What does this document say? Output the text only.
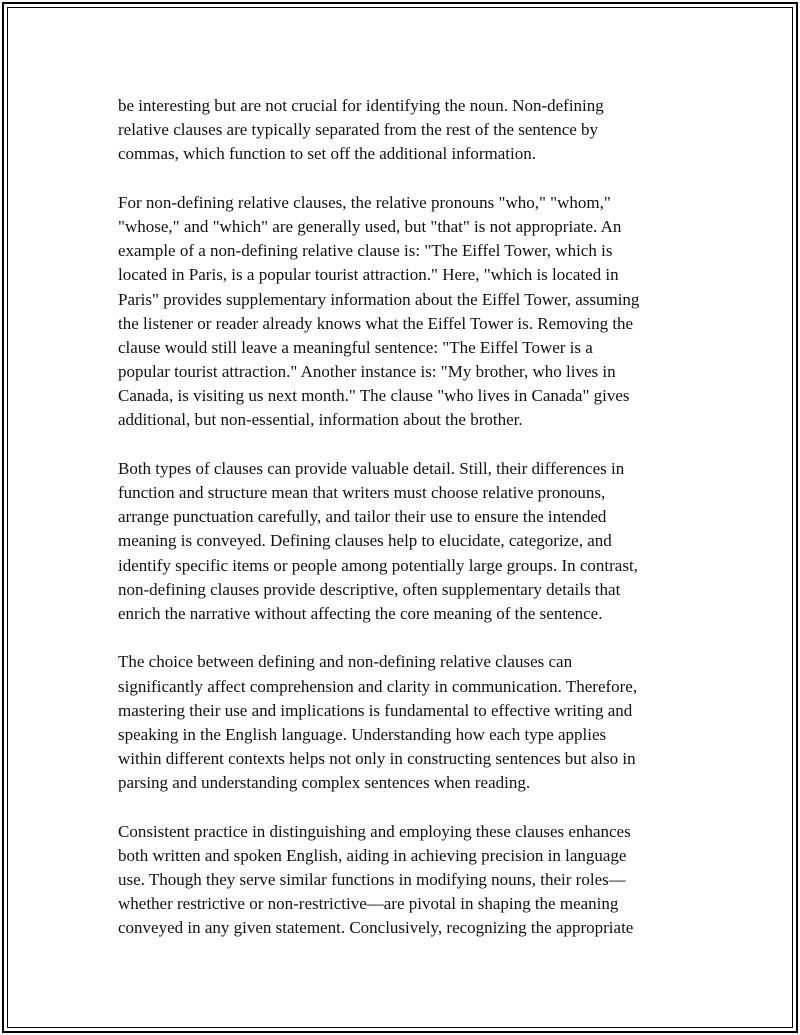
be interesting but are not crucial for identifying the noun. Non-defining
relative clauses are typically separated from the rest of the sentence by
commas, which function to set off the additional information.

For non-defining relative clauses, the relative pronouns "who," "whom,"
"whose," and "which" are generally used, but "that" is not appropriate. An
example of a non-defining relative clause is: "The Eiffel Tower, which is
located in Paris, is a popular tourist attraction." Here, "which is located in
Paris" provides supplementary information about the Eiffel Tower, assuming
the listener or reader already knows what the Eiffel Tower is. Removing the
clause would still leave a meaningful sentence: "The Eiffel Tower is a
popular tourist attraction." Another instance is: "My brother, who lives in
Canada, is visiting us next month." The clause "who lives in Canada" gives
additional, but non-essential, information about the brother.

Both types of clauses can provide valuable detail. Still, their differences in
function and structure mean that writers must choose relative pronouns,
arrange punctuation carefully, and tailor their use to ensure the intended
meaning is conveyed. Defining clauses help to elucidate, categorize, and
identify specific items or people among potentially large groups. In contrast,
non-defining clauses provide descriptive, often supplementary details that
enrich the narrative without affecting the core meaning of the sentence.

The choice between defining and non-defining relative clauses can
significantly affect comprehension and clarity in communication. Therefore,
mastering their use and implications is fundamental to effective writing and
speaking in the English language. Understanding how each type applies
within different contexts helps not only in constructing sentences but also in
parsing and understanding complex sentences when reading.

Consistent practice in distinguishing and employing these clauses enhances
both written and spoken English, aiding in achieving precision in language
use. Though they serve similar functions in modifying nouns, their roles—
whether restrictive or non-restrictive—are pivotal in shaping the meaning
conveyed in any given statement. Conclusively, recognizing the appropriate
